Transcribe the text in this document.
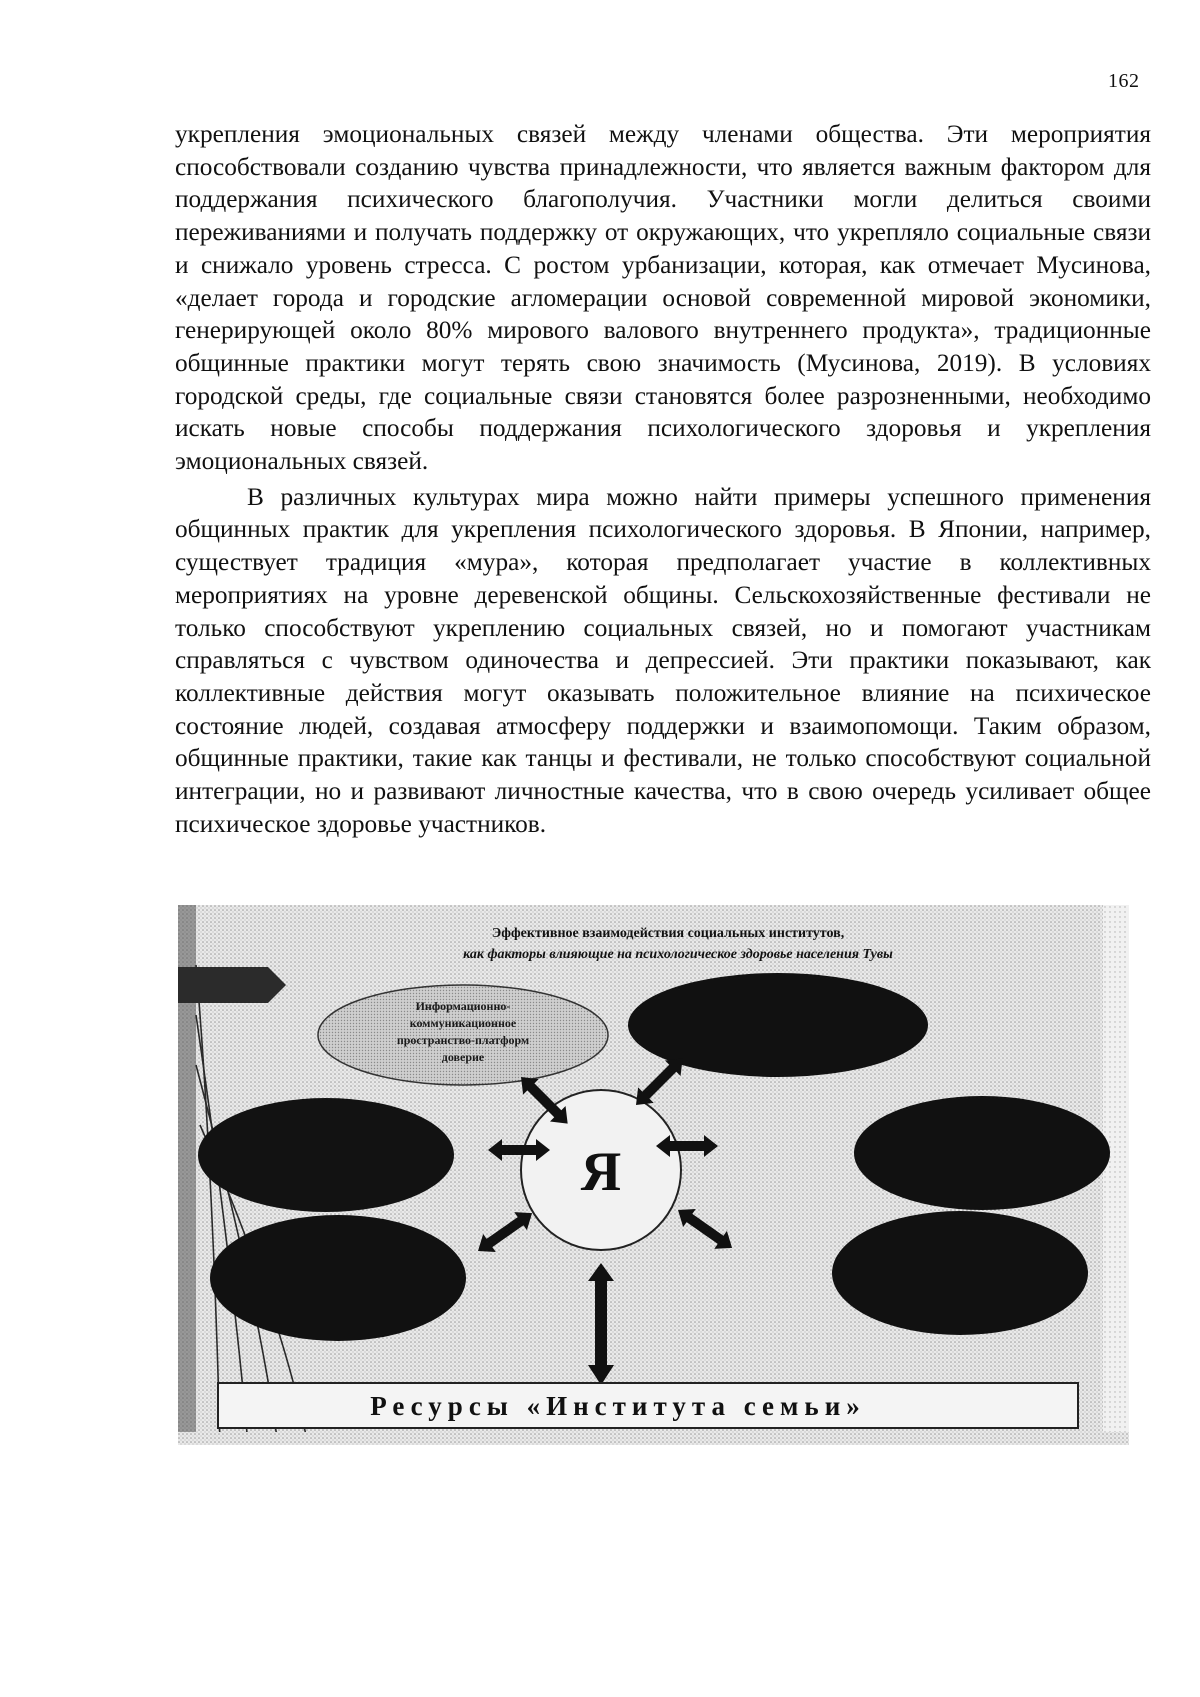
162

укрепления эмоциональных связей между членами общества. Эти мероприятия способствовали созданию чувства принадлежности, что является важным фактором для поддержания психического благополучия. Участники могли делиться своими переживаниями и получать поддержку от окружающих, что укрепляло социальные связи и снижало уровень стресса. С ростом урбанизации, которая, как отмечает Мусинова, «делает города и городские агломерации основой современной мировой экономики, генерирующей около 80% мирового валового внутреннего продукта», традиционные общинные практики могут терять свою значимость (Мусинова, 2019). В условиях городской среды, где социальные связи становятся более разрозненными, необходимо искать новые способы поддержания психологического здоровья и укрепления эмоциональных связей.

В различных культурах мира можно найти примеры успешного применения общинных практик для укрепления психологического здоровья. В Японии, например, существует традиция «мура», которая предполагает участие в коллективных мероприятиях на уровне деревенской общины. Сельскохозяйственные фестивали не только способствуют укреплению социальных связей, но и помогают участникам справляться с чувством одиночества и депрессией. Эти практики показывают, как коллективные действия могут оказывать положительное влияние на психическое состояние людей, создавая атмосферу поддержки и взаимопомощи. Таким образом, общинные практики, такие как танцы и фестивали, не только способствуют социальной интеграции, но и развивают личностные качества, что в свою очередь усиливает общее психическое здоровье участников.

Эффективное взаимодействия социальных институтов,
как факторы влияющие на психологическое здоровье населения Тувы
Информационно-
коммуникационное
пространство-платформ
доверие
Я
Ресурсы «Института семьи»
